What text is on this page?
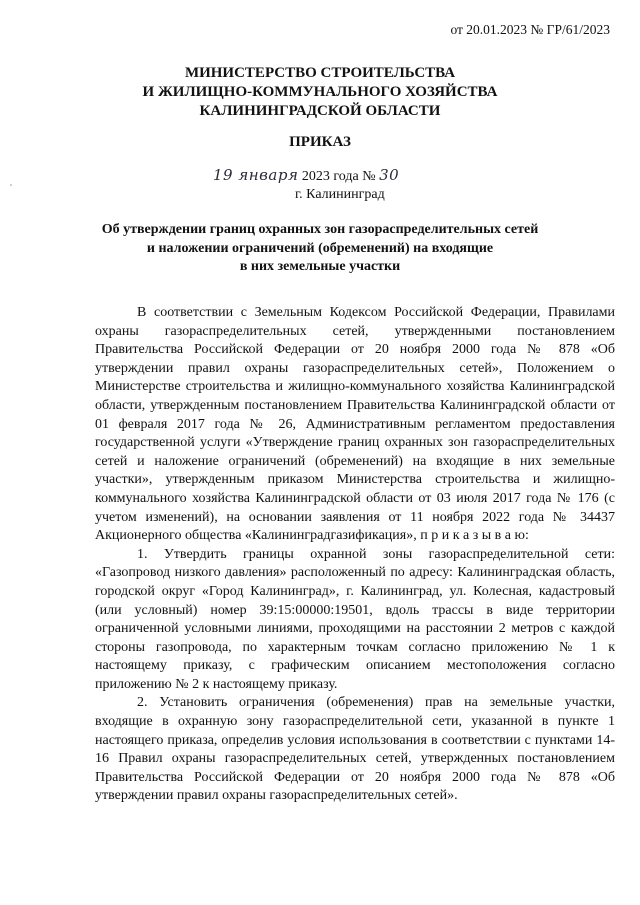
от 20.01.2023 № ГР/61/2023
МИНИСТЕРСТВО СТРОИТЕЛЬСТВА
И ЖИЛИЩНО-КОММУНАЛЬНОГО ХОЗЯЙСТВА
КАЛИНИНГРАДСКОЙ ОБЛАСТИ
ПРИКАЗ
19 января 2023 года № 30
г. Калининград
Об утверждении границ охранных зон газораспределительных сетей
и наложении ограничений (обременений) на входящие
в них земельные участки

В соответствии с Земельным Кодексом Российской Федерации, Правилами охраны газораспределительных сетей, утвержденными постановлением Правительства Российской Федерации от 20 ноября 2000 года № 878 «Об утверждении правил охраны газораспределительных сетей», Положением о Министерстве строительства и жилищно-коммунального хозяйства Калининградской области, утвержденным постановлением Правительства Калининградской области от 01 февраля 2017 года № 26, Административным регламентом предоставления государственной услуги «Утверждение границ охранных зон газораспределительных сетей и наложение ограничений (обременений) на входящие в них земельные участки», утвержденным приказом Министерства строительства и жилищно-коммунального хозяйства Калининградской области от 03 июля 2017 года № 176 (с учетом изменений), на основании заявления от 11 ноября 2022 года № 34437 Акционерного общества «Калининградгазификация», п р и к а з ы в а ю:

1. Утвердить границы охранной зоны газораспределительной сети: «Газопровод низкого давления» расположенный по адресу: Калининградская область, городской округ «Город Калининград», г. Калининград, ул. Колесная, кадастровый (или условный) номер 39:15:00000:19501, вдоль трассы в виде территории ограниченной условными линиями, проходящими на расстоянии 2 метров с каждой стороны газопровода, по характерным точкам согласно приложению № 1 к настоящему приказу, с графическим описанием местоположения согласно приложению № 2 к настоящему приказу.

2. Установить ограничения (обременения) прав на земельные участки, входящие в охранную зону газораспределительной сети, указанной в пункте 1 настоящего приказа, определив условия использования в соответствии с пунктами 14-16 Правил охраны газораспределительных сетей, утвержденных постановлением Правительства Российской Федерации от 20 ноября 2000 года № 878 «Об утверждении правил охраны газораспределительных сетей».
